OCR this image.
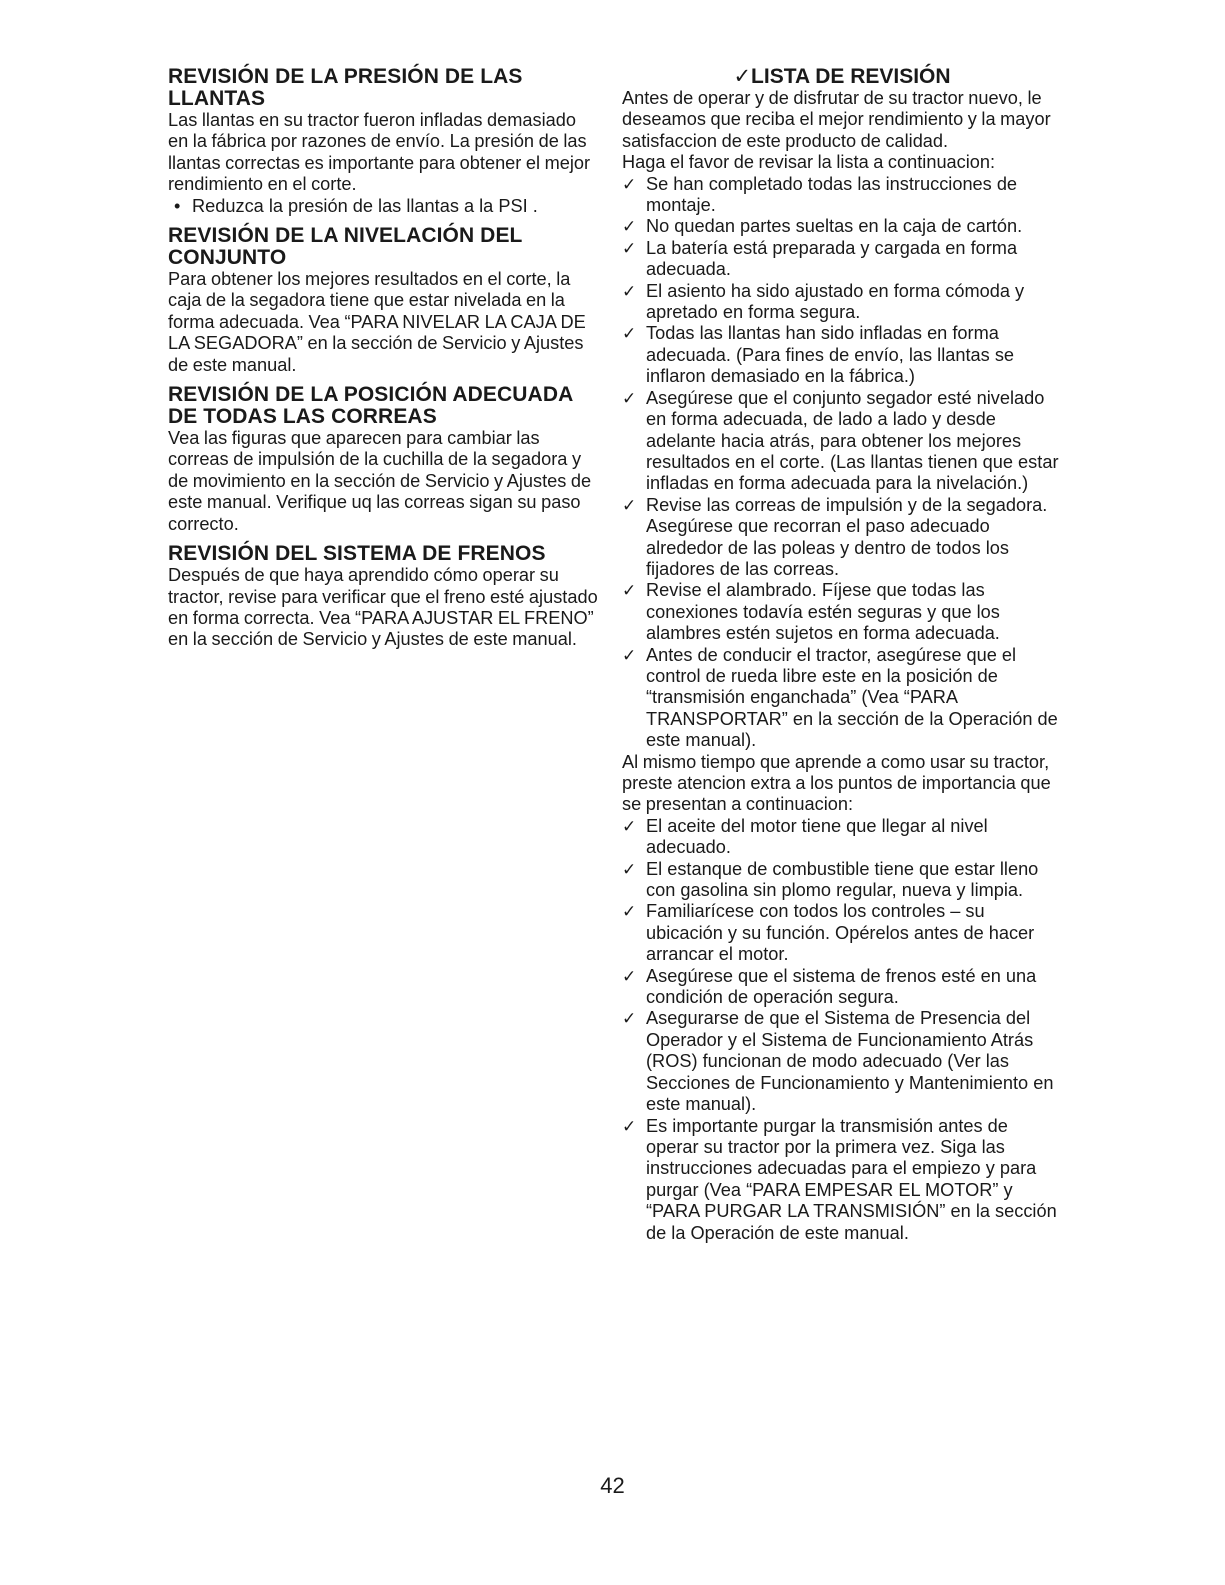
REVISIÓN DE LA PRESIÓN DE LAS LLANTAS

Las llantas en su tractor fueron infladas demasiado en la fábrica por razones de envío. La presión de las llantas correctas es importante para obtener el mejor rendimiento en el corte.

• Reduzca la presión de las llantas a la PSI .

REVISIÓN DE LA NIVELACIÓN DEL CONJUNTO

Para obtener los mejores resultados en el corte, la caja de la segadora tiene que estar nivelada en la forma adecuada. Vea “PARA NIVELAR LA CAJA DE LA SEGADORA” en la sección de Servicio y Ajustes de este manual.

REVISIÓN DE LA POSICIÓN ADECUADA DE TODAS LAS CORREAS

Vea las figuras que aparecen para cambiar las correas de impulsión de la cuchilla de la segadora y de movimiento en la sección de Servicio y Ajustes de este manual. Verifique uq las correas sigan su paso correcto.

REVISIÓN DEL SISTEMA DE FRENOS

Después de que haya aprendido cómo operar su tractor, revise para verificar que el freno esté ajustado en forma correcta. Vea “PARA AJUSTAR EL FRENO” en la sección de Servicio y Ajustes de este manual.

✓LISTA DE REVISIÓN

Antes de operar y de disfrutar de su tractor nuevo, le deseamos que reciba el mejor rendimiento y la mayor satisfaccion de este producto de calidad.

Haga el favor de revisar la lista a continuacion:

✓ Se han completado todas las instrucciones de montaje.
✓ No quedan partes sueltas en la caja de cartón.
✓ La batería está preparada y cargada en forma adecuada.
✓ El asiento ha sido ajustado en forma cómoda y apretado en forma segura.
✓ Todas las llantas han sido infladas en forma adecuada. (Para fines de envío, las llantas se inflaron demasiado en la fábrica.)
✓ Asegúrese que el conjunto segador esté nivelado en forma adecuada, de lado a lado y desde adelante hacia atrás, para obtener los mejores resultados en el corte. (Las llantas tienen que estar infladas en forma adecuada para la nivelación.)
✓ Revise las correas de impulsión y de la segadora. Asegúrese que recorran el paso adecuado alrededor de las poleas y dentro de todos los fijadores de las correas.
✓ Revise el alambrado. Fíjese que todas las conexiones todavía estén seguras y que los alambres estén sujetos en forma adecuada.
✓ Antes de conducir el tractor, asegúrese que el control de rueda libre este en la posición de “transmisión enganchada” (Vea “PARA TRANSPORTAR” en la sección de la Operación de este manual).

Al mismo tiempo que aprende a como usar su tractor, preste atencion extra a los puntos de importancia que se presentan a continuacion:

✓ El aceite del motor tiene que llegar al nivel adecuado.
✓ El estanque de combustible tiene que estar lleno con gasolina sin plomo regular, nueva y limpia.
✓ Familiarícese con todos los controles – su ubicación y su función. Opérelos antes de hacer arrancar el motor.
✓ Asegúrese que el sistema de frenos esté en una condición de operación segura.
✓ Asegurarse de que el Sistema de Presencia del Operador y el Sistema de Funcionamiento Atrás (ROS) funcionan de modo adecuado (Ver las Secciones de Funcionamiento y Mantenimiento en este manual).
✓ Es importante purgar la transmisión antes de operar su tractor por la primera vez. Siga las instrucciones adecuadas para el empiezo y para purgar (Vea “PARA EMPESAR EL MOTOR” y “PARA PURGAR LA TRANSMISIÓN” en la sección de la Operación de este manual.
42
